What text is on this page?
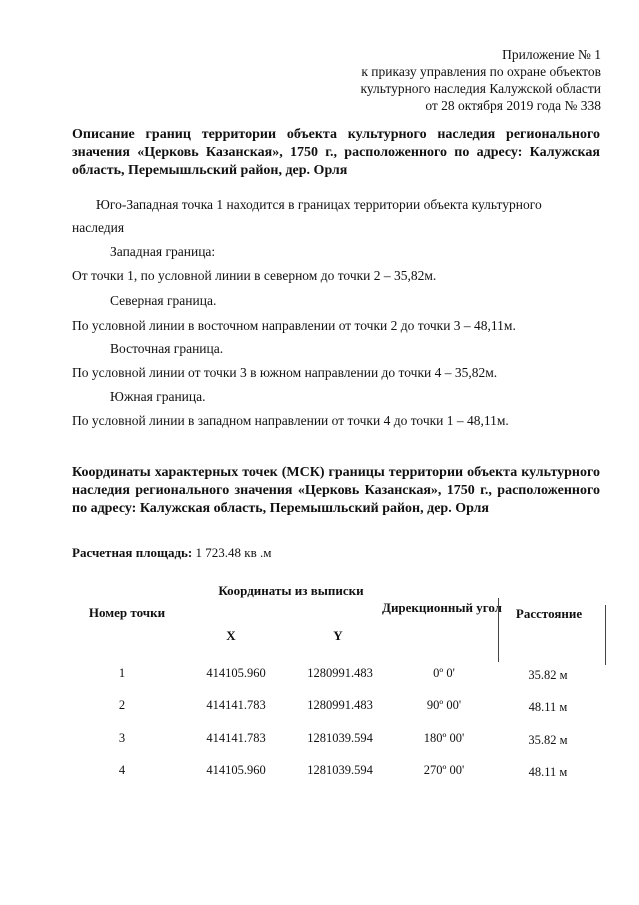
Приложение № 1
к приказу управления по охране объектов
культурного наследия Калужской области
от 28 октября 2019 года № 338
Описание границ территории объекта культурного наследия регионального значения «Церковь Казанская», 1750 г., расположенного по адресу: Калужская область, Перемышльский район, дер. Орля
Юго-Западная точка 1 находится в границах территории объекта культурного
наследия
Западная граница:
От точки 1, по условной линии в северном до точки 2 – 35,82м.
Северная граница.
По условной линии в восточном направлении от точки 2 до точки 3 – 48,11м.
Восточная граница.
По условной линии от точки 3 в южном направлении до точки 4 – 35,82м.
Южная граница.
По условной линии в западном направлении от точки 4 до точки 1 – 48,11м.
Координаты характерных точек (МСК) границы территории объекта культурного наследия регионального значения «Церковь Казанская», 1750 г., расположенного по адресу: Калужская область, Перемышльский район, дер. Орля
Расчетная площадь: 1 723.48 кв .м
Координаты из выписки
Номер точки	Дирекционный угол	Расстояние
X	Y
1	414105.960	1280991.483	0º 0'	35.82 м
2	414141.783	1280991.483	90º 00'	48.11 м
3	414141.783	1281039.594	180º 00'	35.82 м
4	414105.960	1281039.594	270º 00'	48.11 м
